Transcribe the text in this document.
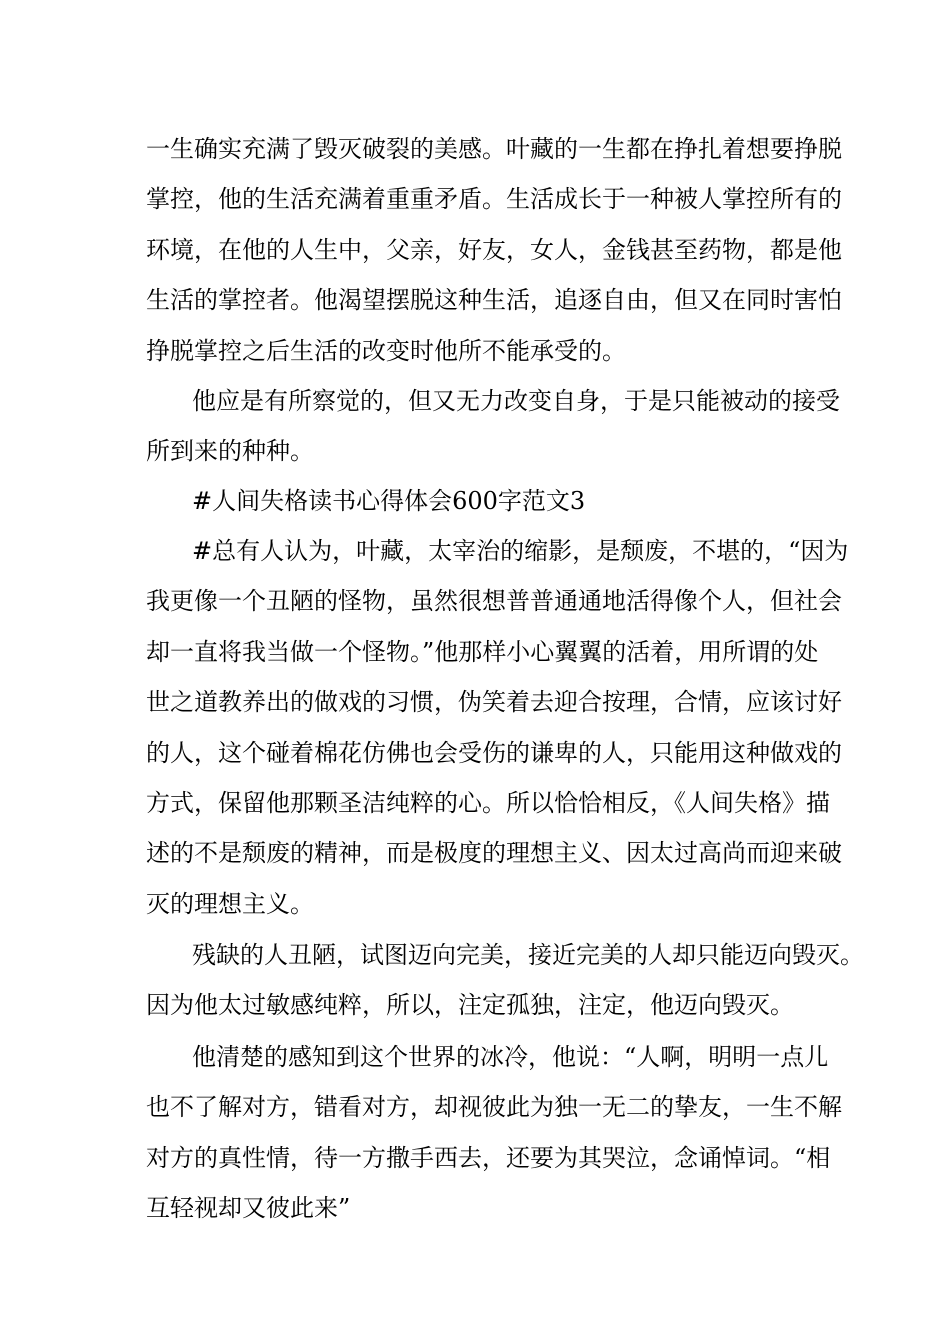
一生确实充满了毁灭破裂的美感。叶藏的一生都在挣扎着想要挣脱
掌控，他的生活充满着重重矛盾。生活成长于一种被人掌控所有的
环境，在他的人生中，父亲，好友，女人，金钱甚至药物，都是他
生活的掌控者。他渴望摆脱这种生活，追逐自由，但又在同时害怕
挣脱掌控之后生活的改变时他所不能承受的。
他应是有所察觉的，但又无力改变自身，于是只能被动的接受
所到来的种种。
#人间失格读书心得体会600字范文3
#总有人认为，叶藏，太宰治的缩影，是颓废，不堪的，“因为
我更像一个丑陋的怪物，虽然很想普普通通地活得像个人，但社会
却一直将我当做一个怪物。”他那样小心翼翼的活着，用所谓的处
世之道教养出的做戏的习惯，伪笑着去迎合按理，合情，应该讨好
的人，这个碰着棉花仿佛也会受伤的谦卑的人，只能用这种做戏的
方式，保留他那颗圣洁纯粹的心。所以恰恰相反，《人间失格》描
述的不是颓废的精神，而是极度的理想主义、因太过高尚而迎来破
灭的理想主义。
残缺的人丑陋，试图迈向完美，接近完美的人却只能迈向毁灭。
因为他太过敏感纯粹，所以，注定孤独，注定，他迈向毁灭。
他清楚的感知到这个世界的冰冷，他说：“人啊，明明一点儿
也不了解对方，错看对方，却视彼此为独一无二的挚友，一生不解
对方的真性情，待一方撒手西去，还要为其哭泣，念诵悼词。“相
互轻视却又彼此来”
